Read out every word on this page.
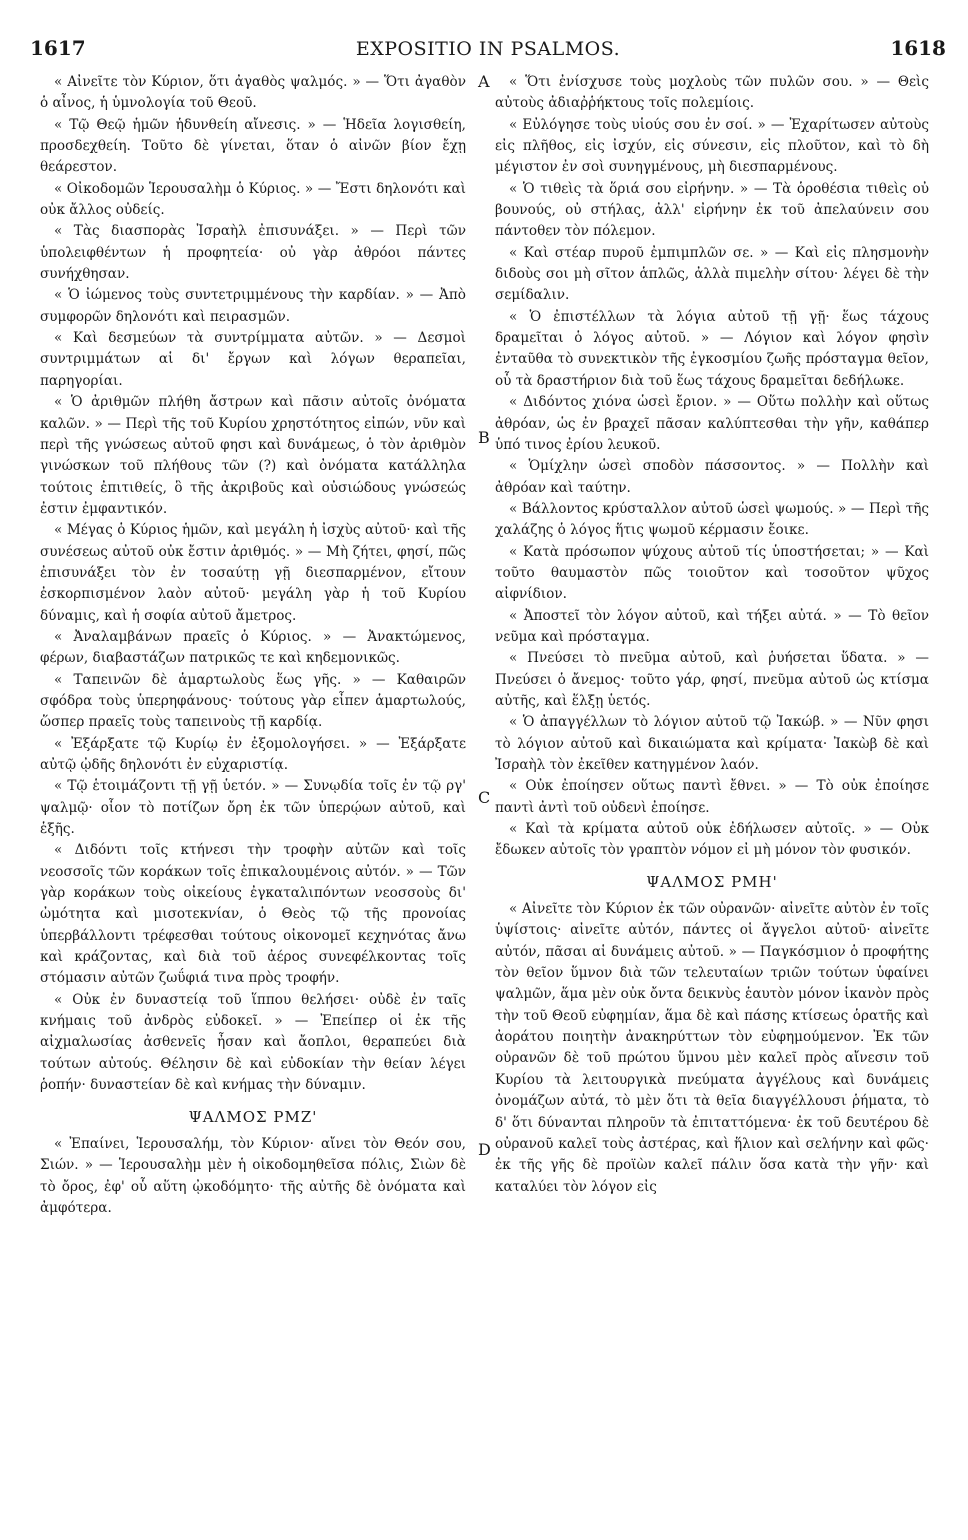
1617	EXPOSITIO IN PSALMOS.	1618
A
B
C
D

« Αἰνεῖτε τὸν Κύριον, ὅτι ἀγαθὸς ψαλμός. » — Ὅτι ἀγαθὸν ὁ αἶνος, ἡ ὑμνολογία τοῦ Θεοῦ.

« Τῷ Θεῷ ἡμῶν ἡδυνθείη αἴνεσις. » — Ἡδεῖα λογισθείη, προσδεχθείη. Τοῦτο δὲ γίνεται, ὅταν ὁ αἰνῶν βίον ἔχῃ θεάρεστον.

« Οἰκοδομῶν Ἱερουσαλὴμ ὁ Κύριος. » — Ἔστι δηλονότι καὶ οὐκ ἄλλος οὐδείς.

« Τὰς διασπορὰς Ἰσραὴλ ἐπισυνάξει. » — Περὶ τῶν ὑπολειφθέντων ἡ προφητεία· οὐ γὰρ ἀθρόοι πάντες συνήχθησαν.

« Ὁ ἰώμενος τοὺς συντετριμμένους τὴν καρδίαν. » — Ἀπὸ συμφορῶν δηλονότι καὶ πειρασμῶν.

« Καὶ δεσμεύων τὰ συντρίμματα αὐτῶν. » — Δεσμοὶ συντριμμάτων αἱ δι' ἔργων καὶ λόγων θεραπεῖαι, παρηγορίαι.

« Ὁ ἀριθμῶν πλήθη ἄστρων καὶ πᾶσιν αὐτοῖς ὀνόματα καλῶν. » — Περὶ τῆς τοῦ Κυρίου χρηστότητος εἰπών, νῦν καὶ περὶ τῆς γνώσεως αὐτοῦ φησι καὶ δυνάμεως, ὁ τὸν ἀριθμὸν γινώσκων τοῦ πλήθους τῶν (?) καὶ ὀνόματα κατάλληλα τούτοις ἐπιτιθείς, ὃ τῆς ἀκριβοῦς καὶ οὐσιώδους γνώσεώς ἐστιν ἐμφαντικόν.

« Μέγας ὁ Κύριος ἡμῶν, καὶ μεγάλη ἡ ἰσχὺς αὐτοῦ· καὶ τῆς συνέσεως αὐτοῦ οὐκ ἔστιν ἀριθμός. » — Μὴ ζήτει, φησί, πῶς ἐπισυνάξει τὸν ἐν τοσαύτῃ γῇ διεσπαρμένον, εἴτουν ἐσκορπισμένον λαὸν αὐτοῦ· μεγάλη γὰρ ἡ τοῦ Κυρίου δύναμις, καὶ ἡ σοφία αὐτοῦ ἄμετρος.

« Ἀναλαμβάνων πραεῖς ὁ Κύριος. » — Ἀνακτώμενος, φέρων, διαβαστάζων πατρικῶς τε καὶ κηδεμονικῶς.

« Ταπεινῶν δὲ ἁμαρτωλοὺς ἕως γῆς. » — Καθαιρῶν σφόδρα τοὺς ὑπερηφάνους· τούτους γὰρ εἶπεν ἁμαρτωλούς, ὥσπερ πραεῖς τοὺς ταπεινοὺς τῇ καρδίᾳ.

« Ἐξάρξατε τῷ Κυρίῳ ἐν ἐξομολογήσει. » — Ἐξάρξατε αὐτῷ ᾠδῆς δηλονότι ἐν εὐχαριστίᾳ.

« Τῷ ἑτοιμάζοντι τῇ γῇ ὑετόν. » — Συνῳδία τοῖς ἐν τῷ ργ' ψαλμῷ· οἷον τὸ ποτίζων ὄρη ἐκ τῶν ὑπερῴων αὐτοῦ, καὶ ἑξῆς.

« Διδόντι τοῖς κτήνεσι τὴν τροφὴν αὐτῶν καὶ τοῖς νεοσσοῖς τῶν κοράκων τοῖς ἐπικαλουμένοις αὐτόν. » — Τῶν γὰρ κοράκων τοὺς οἰκείους ἐγκαταλιπόντων νεοσσοὺς δι' ὠμότητα καὶ μισοτεκνίαν, ὁ Θεὸς τῷ τῆς προνοίας ὑπερβάλλοντι τρέφεσθαι τούτους οἰκονομεῖ κεχηνότας ἄνω καὶ κράζοντας, καὶ διὰ τοῦ ἀέρος συνεφέλκοντας τοῖς στόμασιν αὐτῶν ζωΰφιά τινα πρὸς τροφήν.

« Οὐκ ἐν δυναστείᾳ τοῦ ἵππου θελήσει· οὐδὲ ἐν ταῖς κνήμαις τοῦ ἀνδρὸς εὐδοκεῖ. » — Ἐπείπερ οἱ ἐκ τῆς αἰχμαλωσίας ἀσθενεῖς ἦσαν καὶ ἄοπλοι, θεραπεύει διὰ τούτων αὐτούς. Θέλησιν δὲ καὶ εὐδοκίαν τὴν θείαν λέγει ῥοπήν· δυναστείαν δὲ καὶ κνήμας τὴν δύναμιν.

ΨΑΛΜΟΣ ΡΜΖ'

« Ἐπαίνει, Ἱερουσαλήμ, τὸν Κύριον· αἴνει τὸν Θεόν σου, Σιών. » — Ἱερουσαλὴμ μὲν ἡ οἰκοδομηθεῖσα πόλις, Σιὼν δὲ τὸ ὄρος, ἐφ' οὗ αὕτη ᾠκοδόμητο· τῆς αὐτῆς δὲ ὀνόματα καὶ ἀμφότερα.

« Ὅτι ἐνίσχυσε τοὺς μοχλοὺς τῶν πυλῶν σου. » — Θεὶς αὐτοὺς ἀδιαῤῥήκτους τοῖς πολεμίοις.

« Εὐλόγησε τοὺς υἱούς σου ἐν σοί. » — Ἐχαρίτωσεν αὐτοὺς εἰς πλῆθος, εἰς ἰσχύν, εἰς σύνεσιν, εἰς πλοῦτον, καὶ τὸ δὴ μέγιστον ἐν σοὶ συνηγμένους, μὴ διεσπαρμένους.

« Ὁ τιθεὶς τὰ ὅριά σου εἰρήνην. » — Τὰ ὁροθέσια τιθεὶς οὐ βουνούς, οὐ στήλας, ἀλλ' εἰρήνην ἐκ τοῦ ἀπελαύνειν σου πάντοθεν τὸν πόλεμον.

« Καὶ στέαρ πυροῦ ἐμπιμπλῶν σε. » — Καὶ εἰς πλησμονὴν διδοὺς σοι μὴ σῖτον ἁπλῶς, ἀλλὰ πιμελὴν σίτου· λέγει δὲ τὴν σεμίδαλιν.

« Ὁ ἐπιστέλλων τὰ λόγια αὐτοῦ τῇ γῇ· ἕως τάχους δραμεῖται ὁ λόγος αὐτοῦ. » — Λόγιον καὶ λόγον φησὶν ἐνταῦθα τὸ συνεκτικὸν τῆς ἐγκοσμίου ζωῆς πρόσταγμα θεῖον, οὗ τὰ δραστήριον διὰ τοῦ ἕως τάχους δραμεῖται δεδήλωκε.

« Διδόντος χιόνα ὡσεὶ ἔριον. » — Οὕτω πολλὴν καὶ οὕτως ἀθρόαν, ὡς ἐν βραχεῖ πᾶσαν καλύπτεσθαι τὴν γῆν, καθάπερ ὑπό τινος ἐρίου λευκοῦ.

« Ὁμίχλην ὡσεὶ σποδὸν πάσσοντος. » — Πολλὴν καὶ ἀθρόαν καὶ ταύτην.

« Βάλλοντος κρύσταλλον αὐτοῦ ὡσεὶ ψωμούς. » — Περὶ τῆς χαλάζης ὁ λόγος ἥτις ψωμοῦ κέρμασιν ἔοικε.

« Κατὰ πρόσωπον ψύχους αὐτοῦ τίς ὑποστήσεται; » — Καὶ τοῦτο θαυμαστὸν πῶς τοιοῦτον καὶ τοσοῦτον ψῦχος αἰφνίδιον.

« Ἀποστεῖ τὸν λόγον αὐτοῦ, καὶ τήξει αὐτά. » — Τὸ θεῖον νεῦμα καὶ πρόσταγμα.

« Πνεύσει τὸ πνεῦμα αὐτοῦ, καὶ ῥυήσεται ὕδατα. » — Πνεύσει ὁ ἄνεμος· τοῦτο γάρ, φησί, πνεῦμα αὐτοῦ ὡς κτίσμα αὐτῆς, καὶ ἕλξῃ ὑετός.

« Ὁ ἀπαγγέλλων τὸ λόγιον αὐτοῦ τῷ Ἰακώβ. » — Νῦν φησι τὸ λόγιον αὐτοῦ καὶ δικαιώματα καὶ κρίματα· Ἰακὼβ δὲ καὶ Ἰσραὴλ τὸν ἐκεῖθεν κατηγμένον λαόν.

« Οὐκ ἐποίησεν οὕτως παντὶ ἔθνει. » — Τὸ οὐκ ἐποίησε παντὶ ἀντὶ τοῦ οὐδενὶ ἐποίησε.

« Καὶ τὰ κρίματα αὐτοῦ οὐκ ἐδήλωσεν αὐτοῖς. » — Οὐκ ἔδωκεν αὐτοῖς τὸν γραπτὸν νόμον εἰ μὴ μόνον τὸν φυσικόν.

ΨΑΛΜΟΣ ΡΜΗ'

« Αἰνεῖτε τὸν Κύριον ἐκ τῶν οὐρανῶν· αἰνεῖτε αὐτὸν ἐν τοῖς ὑψίστοις· αἰνεῖτε αὐτόν, πάντες οἱ ἄγγελοι αὐτοῦ· αἰνεῖτε αὐτόν, πᾶσαι αἱ δυνάμεις αὐτοῦ. » — Παγκόσμιον ὁ προφήτης τὸν θεῖον ὕμνον διὰ τῶν τελευταίων τριῶν τούτων ὑφαίνει ψαλμῶν, ἅμα μὲν οὐκ ὄντα δεικνὺς ἑαυτὸν μόνον ἱκανὸν πρὸς τὴν τοῦ Θεοῦ εὐφημίαν, ἅμα δὲ καὶ πάσης κτίσεως ὁρατῆς καὶ ἀοράτου ποιητὴν ἀνακηρύττων τὸν εὐφημούμενον. Ἐκ τῶν οὐρανῶν δὲ τοῦ πρώτου ὕμνου μὲν καλεῖ πρὸς αἴνεσιν τοῦ Κυρίου τὰ λειτουργικὰ πνεύματα ἀγγέλους καὶ δυνάμεις ὀνομάζων αὐτά, τὸ μὲν ὅτι τὰ θεῖα διαγγέλλουσι ῥήματα, τὸ δ' ὅτι δύνανται πληροῦν τὰ ἐπιταττόμενα· ἐκ τοῦ δευτέρου δὲ οὐρανοῦ καλεῖ τοὺς ἀστέρας, καὶ ἥλιον καὶ σελήνην καὶ φῶς· ἐκ τῆς γῆς δὲ προϊὼν καλεῖ πάλιν ὅσα κατὰ τὴν γῆν· καὶ καταλύει τὸν λόγον εἰς
